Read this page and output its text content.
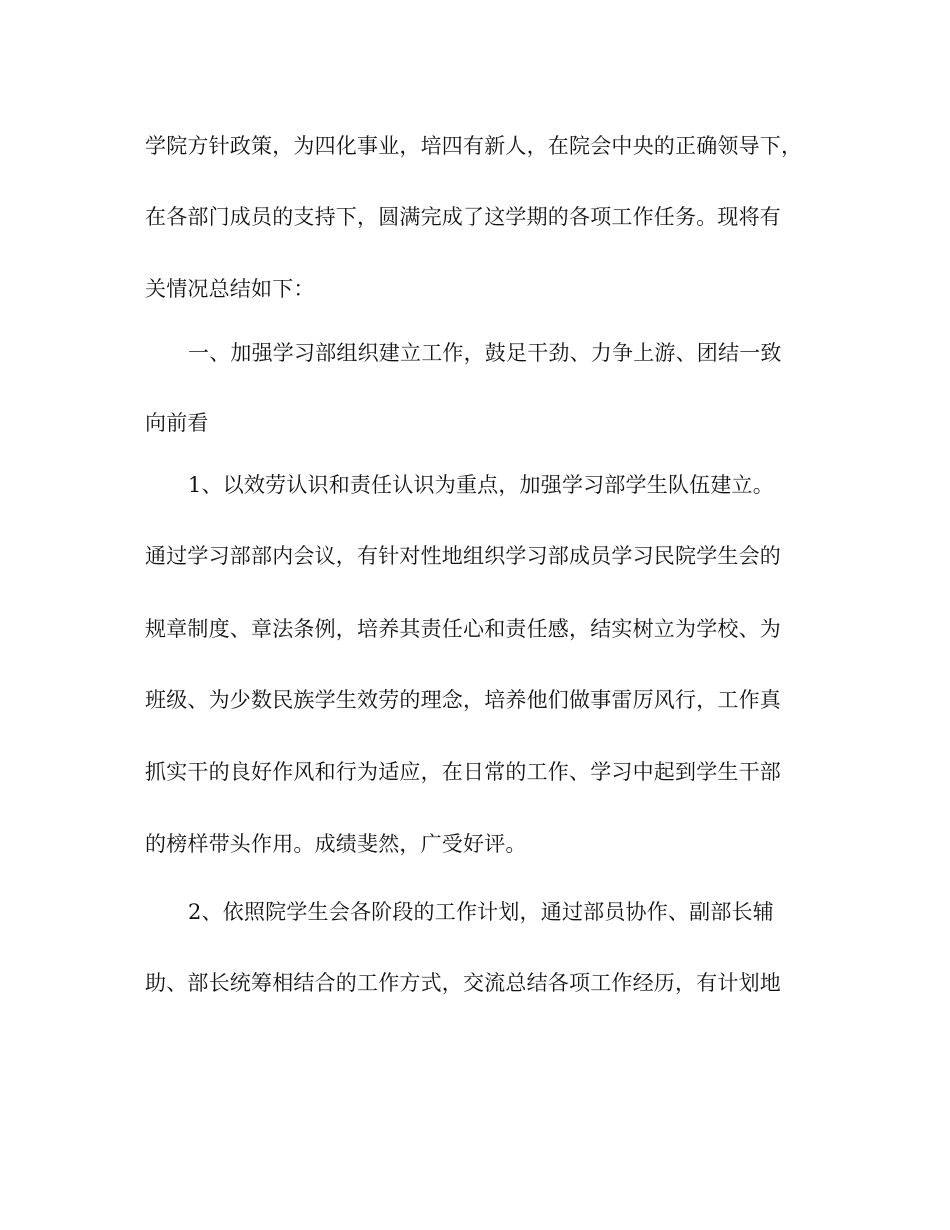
学院方针政策，为四化事业，培四有新人，在院会中央的正确领导下，
在各部门成员的支持下，圆满完成了这学期的各项工作任务。现将有
关情况总结如下：
一、加强学习部组织建立工作，鼓足干劲、力争上游、团结一致
向前看
1、以效劳认识和责任认识为重点，加强学习部学生队伍建立。
通过学习部部内会议，有针对性地组织学习部成员学习民院学生会的
规章制度、章法条例，培养其责任心和责任感，结实树立为学校、为
班级、为少数民族学生效劳的理念，培养他们做事雷厉风行，工作真
抓实干的良好作风和行为适应，在日常的工作、学习中起到学生干部
的榜样带头作用。成绩斐然，广受好评。
2、依照院学生会各阶段的工作计划，通过部员协作、副部长辅
助、部长统筹相结合的工作方式，交流总结各项工作经历，有计划地
